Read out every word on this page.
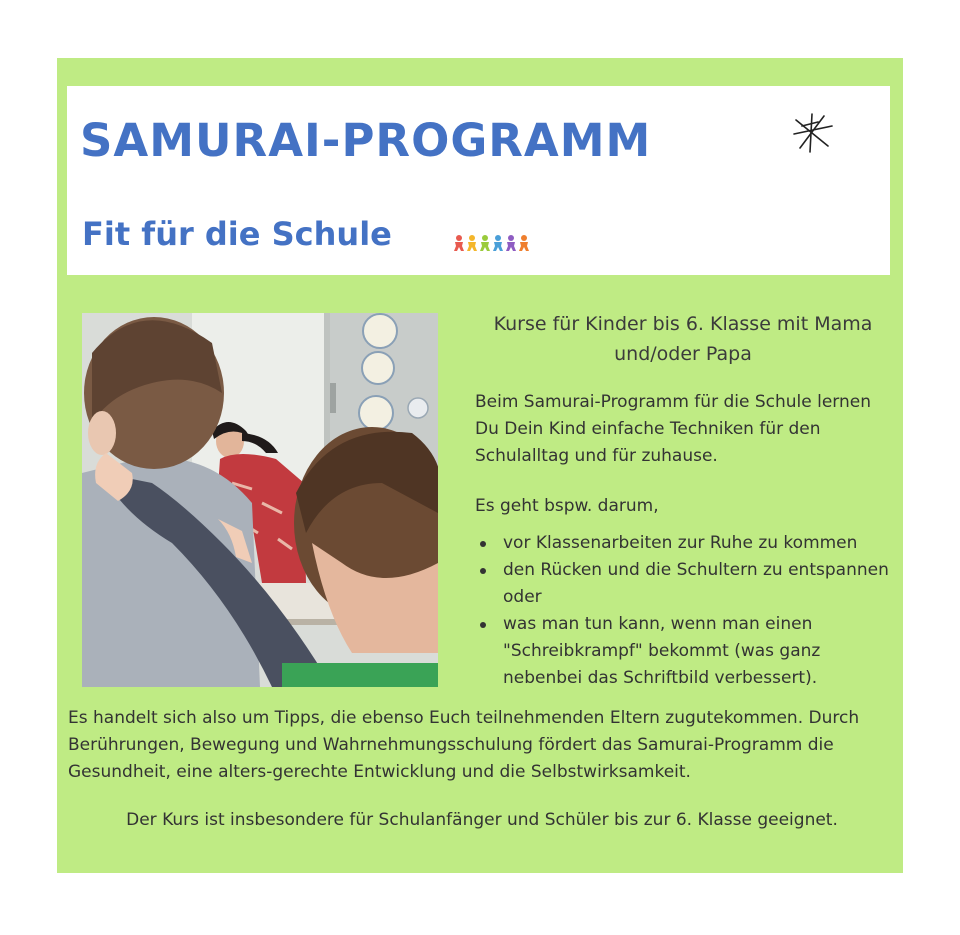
SAMURAI-PROGRAMM
Fit für die Schule
Kurse für Kinder bis 6. Klasse mit Mama und/oder Papa

Beim Samurai-Programm für die Schule lernen Du Dein Kind einfache Techniken für den Schulalltag und für zuhause.

Es geht bspw. darum,

vor Klassenarbeiten zur Ruhe zu kommen
den Rücken und die Schultern zu entspannen oder
was man tun kann, wenn man einen "Schreibkrampf" bekommt (was ganz nebenbei das Schriftbild verbessert).

Es handelt sich also um Tipps, die ebenso Euch teilnehmenden Eltern zugutekommen. Durch Berührungen, Bewegung und Wahrnehmungsschulung fördert das Samurai-Programm die Gesundheit, eine alters-gerechte Entwicklung und die Selbstwirksamkeit.

Der Kurs ist insbesondere für Schulanfänger und Schüler bis zur 6. Klasse geeignet.
